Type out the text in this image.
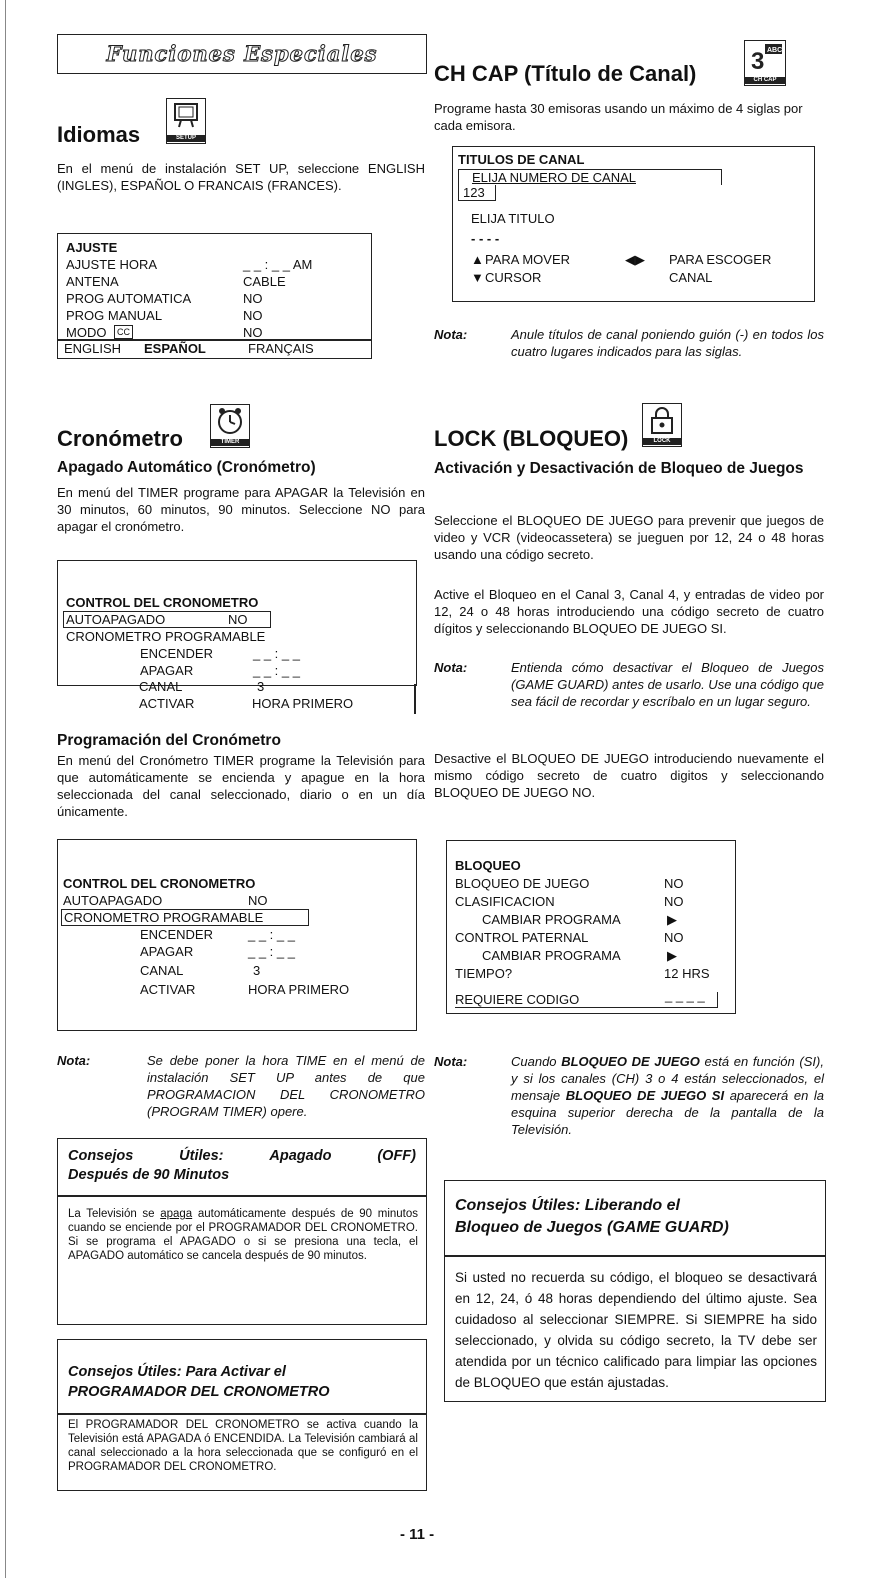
Funciones Especiales
Idiomas	SETUP

En el menú de instalación SET UP, seleccione ENGLISH (INGLES), ESPAÑOL O FRANCAIS (FRANCES).

AJUSTE
AJUSTE HORA	_ _ : _ _ AM
ANTENA	CABLE
PROG AUTOMATICA	NO
PROG MANUAL	NO
MODO	CC	NO
ENGLISH ESPAÑOL	FRANÇAIS
Cronómetro	TIMER
Apagado Automático (Cronómetro)

En menú del TIMER programe para APAGAR la Televisión en 30 minutos, 60 minutos, 90 minutos. Seleccione NO para apagar el cronómetro.

CONTROL DEL CRONOMETRO
AUTOAPAGADO	NO
CRONOMETRO PROGRAMABLE
ENCENDER	_ _ : _ _
APAGAR	_ _ : _ _
CANAL	3
ACTIVAR	HORA PRIMERO
Programación del Cronómetro

En menú del Cronómetro TIMER programe la Televisión para que automáticamente se encienda y apague en la hora seleccionada del canal seleccionado, diario o en un día únicamente.

CONTROL DEL CRONOMETRO
AUTOAPAGADO	NO
CRONOMETRO PROGRAMABLE
ENCENDER	_ _ : _ _
APAGAR	_ _ : _ _
CANAL	3
ACTIVAR	HORA PRIMERO
Nota:	Se debe poner la hora TIME en el menú de instalación SET UP antes de que PROGRAMACION DEL CRONOMETRO (PROGRAM TIMER) opere.
Consejos	Útiles:	Apagado	(OFF)
Después de 90 Minutos
La Televisión se apaga automáticamente después de 90 minutos cuando se enciende por el PROGRAMADOR DEL CRONOMETRO. Si se programa el APAGADO o si se presiona una tecla, el APAGADO automático se cancela después de 90 minutos.
Consejos Útiles: Para Activar el
PROGRAMADOR DEL CRONOMETRO
El PROGRAMADOR DEL CRONOMETRO se activa cuando la Televisión está APAGADA ó ENCENDIDA. La Televisión cambiará al canal seleccionado a la hora seleccionada que se configuró en el PROGRAMADOR DEL CRONOMETRO.
CH CAP (Título de Canal) 3 ABC
CH CAP

Programe hasta 30 emisoras usando un máximo de 4 siglas por cada emisora.

TITULOS DE CANAL
ELIJA NUMERO DE CANAL
123
ELIJA TITULO
- - - -
▲ PARA MOVER	◀▶ PARA ESCOGER
▼ CURSOR	CANAL
Nota:	Anule títulos de canal poniendo guión (-) en todos los cuatro lugares indicados para las siglas.
LOCK (BLOQUEO)	LOCK
Activación y Desactivación de Bloqueo de Juegos

Seleccione el BLOQUEO DE JUEGO para prevenir que juegos de video y VCR (videocassetera) se jueguen por 12, 24 o 48 horas usando una código secreto.

Active el Bloqueo en el Canal 3, Canal 4, y entradas de video por 12, 24 o 48 horas introduciendo una código secreto de cuatro dígitos y seleccionando BLOQUEO DE JUEGO SI.

Nota:	Entienda cómo desactivar el Bloqueo de Juegos (GAME GUARD) antes de usarlo. Use una código que sea fácil de recordar y escríbalo en un lugar seguro.

Desactive el BLOQUEO DE JUEGO introduciendo nuevamente el mismo código secreto de cuatro digitos y seleccionando BLOQUEO DE JUEGO NO.

BLOQUEO
BLOQUEO DE JUEGO	NO
CLASIFICACION	NO
CAMBIAR PROGRAMA	▶
CONTROL PATERNAL	NO
CAMBIAR PROGRAMA	▶
TIEMPO?	12 HRS
REQUIERE CODIGO	_ _ _ _
Nota:	Cuando BLOQUEO DE JUEGO está en función (SI), y si los canales (CH) 3 o 4 están seleccionados, el mensaje BLOQUEO DE JUEGO SI aparecerá en la esquina superior derecha de la pantalla de la Televisión.
Consejos Útiles: Liberando el
Bloqueo de Juegos (GAME GUARD)
Si usted no recuerda su código, el bloqueo se desactivará en 12, 24, ó 48 horas dependiendo del último ajuste. Sea cuidadoso al seleccionar SIEMPRE. Si SIEMPRE ha sido seleccionado, y olvida su código secreto, la TV debe ser atendida por un técnico calificado para limpiar las opciones de BLOQUEO que están ajustadas.
- 11 -
